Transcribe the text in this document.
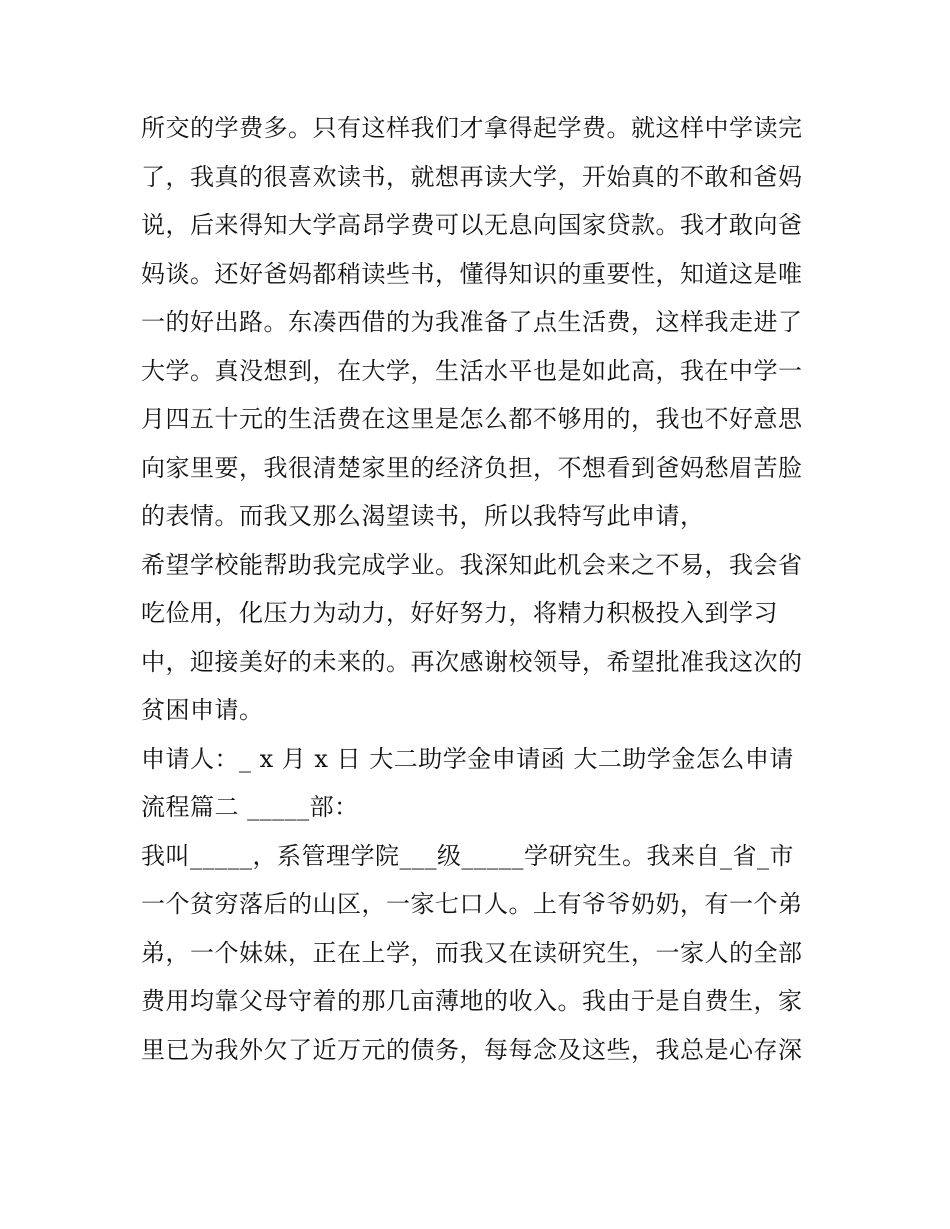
所交的学费多。只有这样我们才拿得起学费。就这样中学读完
了，我真的很喜欢读书，就想再读大学，开始真的不敢和爸妈
说，后来得知大学高昂学费可以无息向国家贷款。我才敢向爸
妈谈。还好爸妈都稍读些书，懂得知识的重要性，知道这是唯
一的好出路。东凑西借的为我准备了点生活费，这样我走进了
大学。真没想到，在大学，生活水平也是如此高，我在中学一
月四五十元的生活费在这里是怎么都不够用的，我也不好意思
向家里要，我很清楚家里的经济负担，不想看到爸妈愁眉苦脸
的表情。而我又那么渴望读书，所以我特写此申请，
希望学校能帮助我完成学业。我深知此机会来之不易，我会省
吃俭用，化压力为动力，好好努力，将精力积极投入到学习
中，迎接美好的未来的。再次感谢校领导，希望批准我这次的
贫困申请。
申请人：_ x 月 x 日 大二助学金申请函 大二助学金怎么申请
流程篇二 _____部：
我叫_____，系管理学院___级_____学研究生。我来自_省_市
一个贫穷落后的山区，一家七口人。上有爷爷奶奶，有一个弟
弟，一个妹妹，正在上学，而我又在读研究生，一家人的全部
费用均靠父母守着的那几亩薄地的收入。我由于是自费生，家
里已为我外欠了近万元的债务，每每念及这些，我总是心存深
